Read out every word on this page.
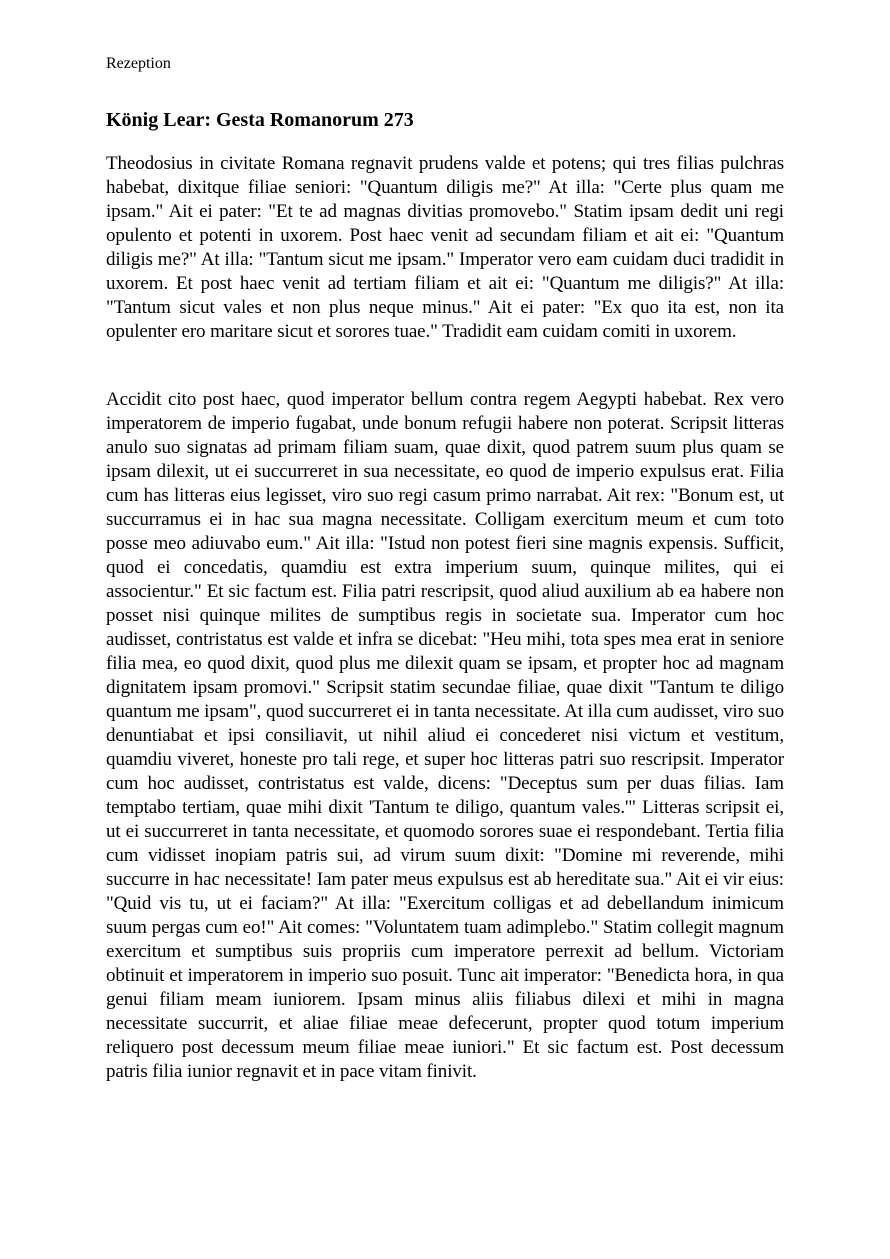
Rezeption

König Lear: Gesta Romanorum 273

Theodosius in civitate Romana regnavit prudens valde et potens; qui tres filias pulchras habebat, dixitque filiae seniori: "Quantum diligis me?" At illa: "Certe plus quam me ipsam." Ait ei pater: "Et te ad magnas divitias promovebo." Statim ipsam dedit uni regi opulento et potenti in uxorem. Post haec venit ad secundam filiam et ait ei: "Quantum diligis me?" At illa: "Tantum sicut me ipsam." Imperator vero eam cuidam duci tradidit in uxorem. Et post haec venit ad tertiam filiam et ait ei: "Quantum me diligis?" At illa: "Tantum sicut vales et non plus neque minus." Ait ei pater: "Ex quo ita est, non ita opulenter ero maritare sicut et sorores tuae." Tradidit eam cuidam comiti in uxorem.

Accidit cito post haec, quod imperator bellum contra regem Aegypti habebat. Rex vero imperatorem de imperio fugabat, unde bonum refugii habere non poterat. Scripsit litteras anulo suo signatas ad primam filiam suam, quae dixit, quod patrem suum plus quam se ipsam dilexit, ut ei succurreret in sua necessitate, eo quod de imperio expulsus erat. Filia cum has litteras eius legisset, viro suo regi casum primo narrabat. Ait rex: "Bonum est, ut succurramus ei in hac sua magna necessitate. Colligam exercitum meum et cum toto posse meo adiuvabo eum." Ait illa: "Istud non potest fieri sine magnis expensis. Sufficit, quod ei concedatis, quamdiu est extra imperium suum, quinque milites, qui ei associentur." Et sic factum est. Filia patri rescripsit, quod aliud auxilium ab ea habere non posset nisi quinque milites de sumptibus regis in societate sua. Imperator cum hoc audisset, contristatus est valde et infra se dicebat: "Heu mihi, tota spes mea erat in seniore filia mea, eo quod dixit, quod plus me dilexit quam se ipsam, et propter hoc ad magnam dignitatem ipsam promovi." Scripsit statim secundae filiae, quae dixit "Tantum te diligo quantum me ipsam", quod succurreret ei in tanta necessitate. At illa cum audisset, viro suo denuntiabat et ipsi consiliavit, ut nihil aliud ei concederet nisi victum et vestitum, quamdiu viveret, honeste pro tali rege, et super hoc litteras patri suo rescripsit. Imperator cum hoc audisset, contristatus est valde, dicens: "Deceptus sum per duas filias. Iam temptabo tertiam, quae mihi dixit 'Tantum te diligo, quantum vales.'" Litteras scripsit ei, ut ei succurreret in tanta necessitate, et quomodo sorores suae ei respondebant. Tertia filia cum vidisset inopiam patris sui, ad virum suum dixit: "Domine mi reverende, mihi succurre in hac necessitate! Iam pater meus expulsus est ab hereditate sua." Ait ei vir eius: "Quid vis tu, ut ei faciam?" At illa: "Exercitum colligas et ad debellandum inimicum suum pergas cum eo!" Ait comes: "Voluntatem tuam adimplebo." Statim collegit magnum exercitum et sumptibus suis propriis cum imperatore perrexit ad bellum. Victoriam obtinuit et imperatorem in imperio suo posuit. Tunc ait imperator: "Benedicta hora, in qua genui filiam meam iuniorem. Ipsam minus aliis filiabus dilexi et mihi in magna necessitate succurrit, et aliae filiae meae defecerunt, propter quod totum imperium reliquero post decessum meum filiae meae iuniori." Et sic factum est. Post decessum patris filia iunior regnavit et in pace vitam finivit.
